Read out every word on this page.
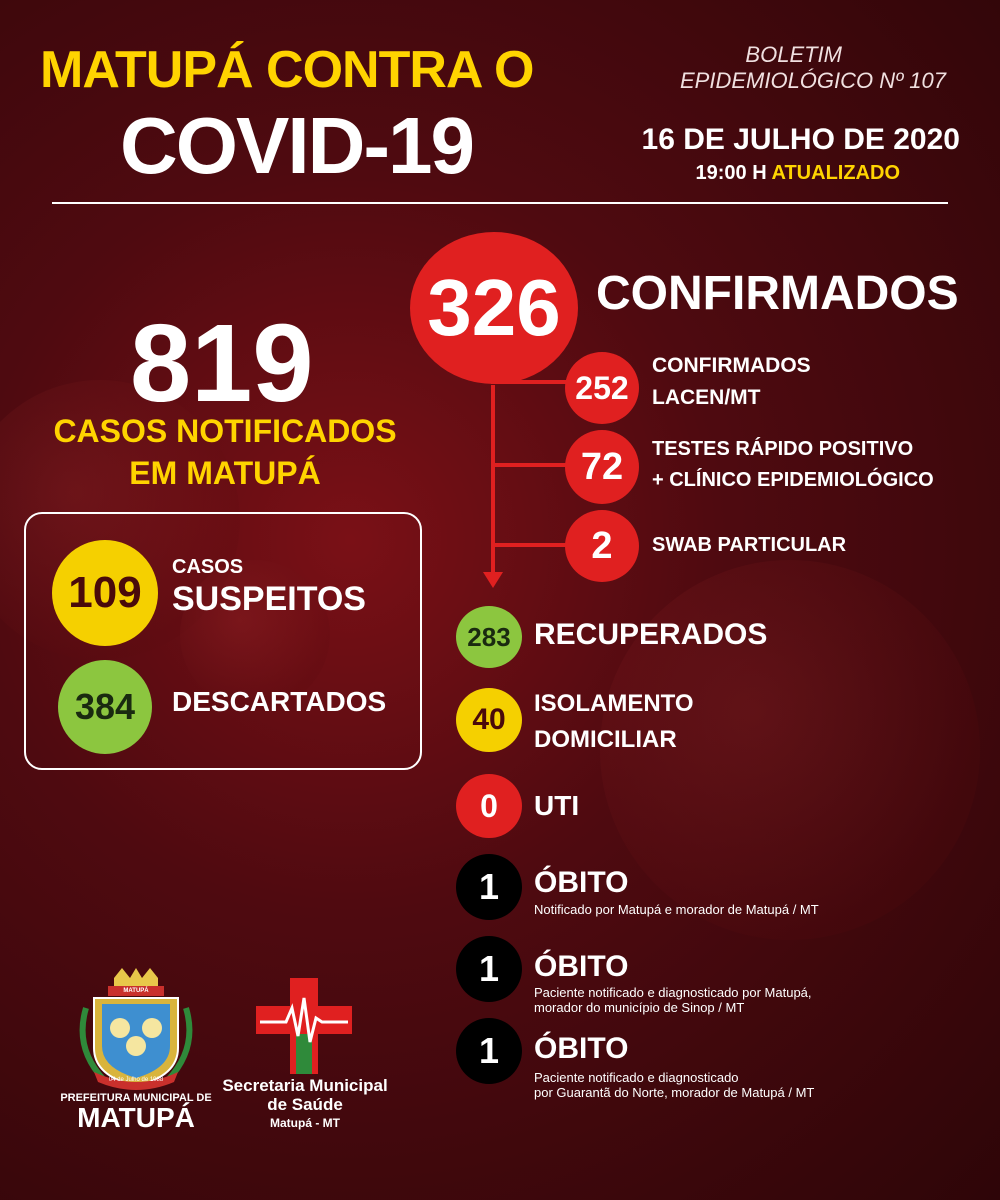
MATUPÁ CONTRA O
COVID-19
BOLETIM
EPIDEMIOLÓGICO Nº 107
16 DE JULHO DE 2020
19:00 H ATUALIZADO
819
CASOS NOTIFICADOS
EM MATUPÁ
109
CASOS
SUSPEITOS
384	DESCARTADOS
326 CONFIRMADOS
252
CONFIRMADOS
LACEN/MT
72	TESTES RÁPIDO POSITIVO
+ CLÍNICO EPIDEMIOLÓGICO
2	SWAB PARTICULAR
283 RECUPERADOS
40	ISOLAMENTO
DOMICILIAR
0	UTI
1	ÓBITO
Notificado por Matupá e morador de Matupá / MT
1	ÓBITO
Paciente notificado e diagnosticado por Matupá,
morador do município de Sinop / MT
1	ÓBITO
Paciente notificado e diagnosticado
por Guarantã do Norte, morador de Matupá / MT
MATUPÁ
04 de Julho de 1988
PREFEITURA MUNICIPAL DE
MATUPÁ
Secretaria Municipal
de Saúde
Matupá - MT
